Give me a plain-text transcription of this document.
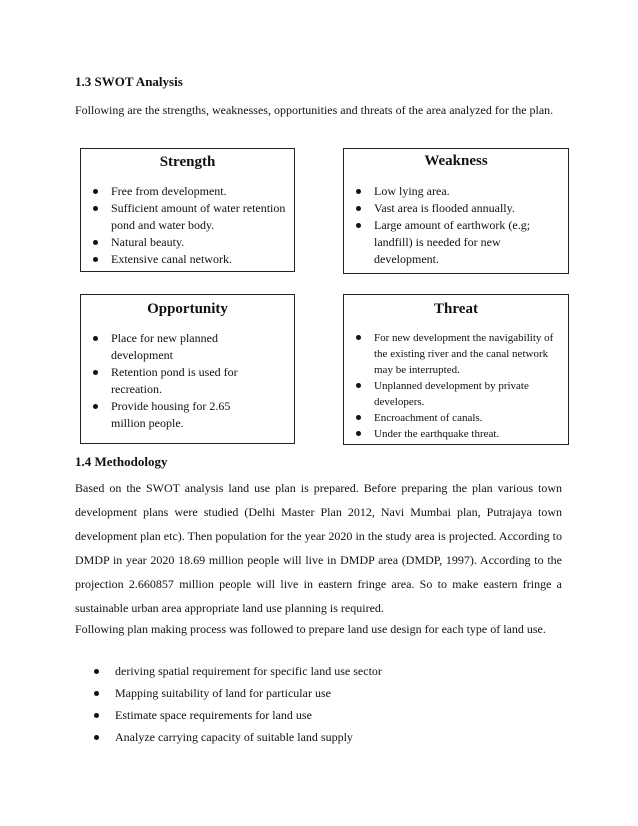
1.3 SWOT Analysis

Following are the strengths, weaknesses, opportunities and threats of the area analyzed for the plan.

Strength

Free from development.
Sufficient amount of water retention pond and water body.
Natural beauty.
Extensive canal network.

Weakness

Low lying area.
Vast area is flooded annually.
Large amount of earthwork (e.g; landfill) is needed for new development.

Opportunity

Place for new planned development
Retention pond is used for recreation.
Provide housing for 2.65 million people.

Threat

For new development the navigability of the existing river and the canal network may be interrupted.
Unplanned development by private developers.
Encroachment of canals.
Under the earthquake threat.
1.4 Methodology

Based on the SWOT analysis land use plan is prepared. Before preparing the plan various town development plans were studied (Delhi Master Plan 2012, Navi Mumbai plan, Putrajaya town development plan etc). Then population for the year 2020 in the study area is projected. According to DMDP in year 2020 18.69 million people will live in DMDP area (DMDP, 1997). According to the projection 2.660857 million people will live in eastern fringe area. So to make eastern fringe a sustainable urban area appropriate land use planning is required.

Following plan making process was followed to prepare land use design for each type of land use.

deriving spatial requirement for specific land use sector
Mapping suitability of land for particular use
Estimate space requirements for land use
Analyze carrying capacity of suitable land supply
